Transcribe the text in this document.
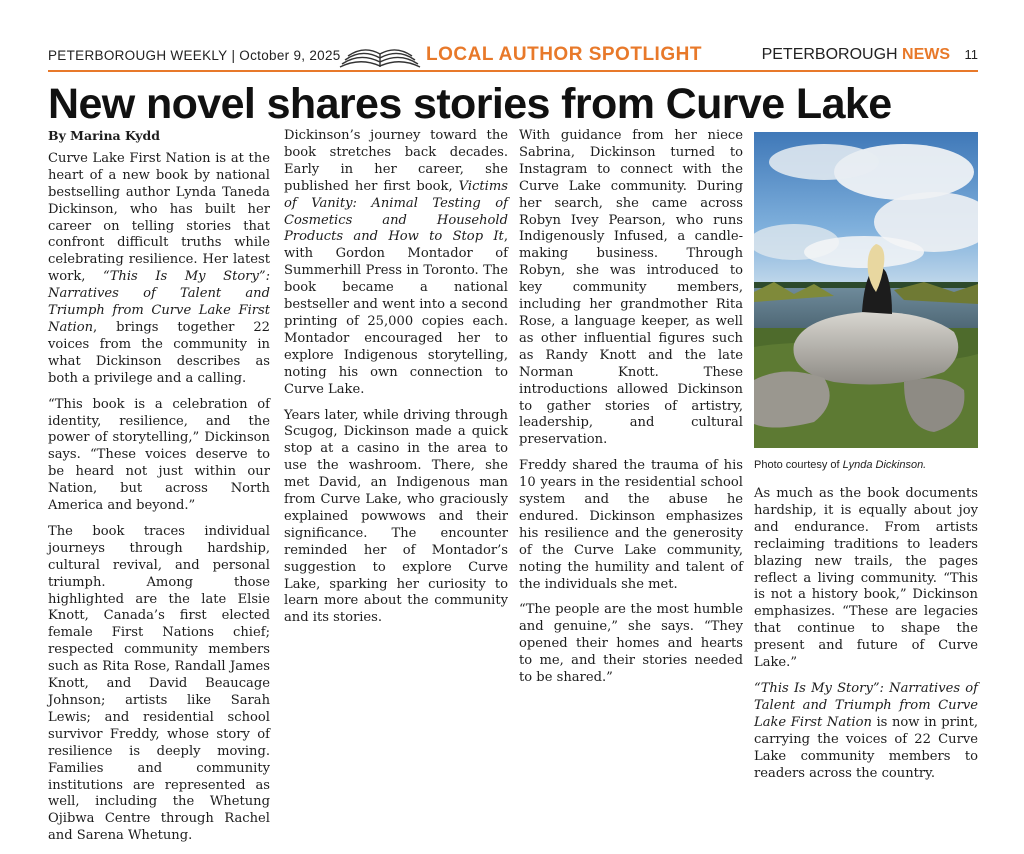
PETERBOROUGH WEEKLY | October 9, 2025	LOCAL AUTHOR SPOTLIGHT	PETERBOROUGH NEWS 11
New novel shares stories from Curve Lake
By Marina Kydd

Curve Lake First Nation is at the heart of a new book by national bestselling author Lynda Taneda Dickinson, who has built her career on telling stories that confront difficult truths while celebrating resilience. Her latest work, “This Is My Story”: Narratives of Talent and Triumph from Curve Lake First Nation, brings together 22 voices from the community in what Dickinson describes as both a privilege and a calling.

“This book is a celebration of identity, resilience, and the power of storytelling,” Dickinson says. “These voices deserve to be heard not just within our Nation, but across North America and beyond.”

The book traces individual journeys through hardship, cultural revival, and personal triumph. Among those highlighted are the late Elsie Knott, Canada’s first elected female First Nations chief; respected community members such as Rita Rose, Randall James Knott, and David Beaucage Johnson; artists like Sarah Lewis; and residential school survivor Freddy, whose story of resilience is deeply moving. Families and community institutions are represented as well, including the Whetung Ojibwa Centre through Rachel and Sarena Whetung.

Dickinson’s journey toward the book stretches back decades. Early in her career, she published her first book, Victims of Vanity: Animal Testing of Cosmetics and Household Products and How to Stop It, with Gordon Montador of Summerhill Press in Toronto. The book became a national bestseller and went into a second printing of 25,000 copies each. Montador encouraged her to explore Indigenous storytelling, noting his own connection to Curve Lake.

Years later, while driving through Scugog, Dickinson made a quick stop at a casino in the area to use the washroom. There, she met David, an Indigenous man from Curve Lake, who graciously explained powwows and their significance. The encounter reminded her of Montador’s suggestion to explore Curve Lake, sparking her curiosity to learn more about the community and its stories.

With guidance from her niece Sabrina, Dickinson turned to Instagram to connect with the Curve Lake community. During her search, she came across Robyn Ivey Pearson, who runs Indigenously Infused, a candle-making business. Through Robyn, she was introduced to key community members, including her grandmother Rita Rose, a language keeper, as well as other influential figures such as Randy Knott and the late Norman Knott. These introductions allowed Dickinson to gather stories of artistry, leadership, and cultural preservation.

Freddy shared the trauma of his 10 years in the residential school system and the abuse he endured. Dickinson emphasizes his resilience and the generosity of the Curve Lake community, noting the humility and talent of the individuals she met.

“The people are the most humble and genuine,” she says. “They opened their homes and hearts to me, and their stories needed to be shared.”

Photo courtesy of Lynda Dickinson.

As much as the book documents hardship, it is equally about joy and endurance. From artists reclaiming traditions to leaders blazing new trails, the pages reflect a living community. “This is not a history book,” Dickinson emphasizes. “These are legacies that continue to shape the present and future of Curve Lake.”

“This Is My Story”: Narratives of Talent and Triumph from Curve Lake First Nation is now in print, carrying the voices of 22 Curve Lake community members to readers across the country.
